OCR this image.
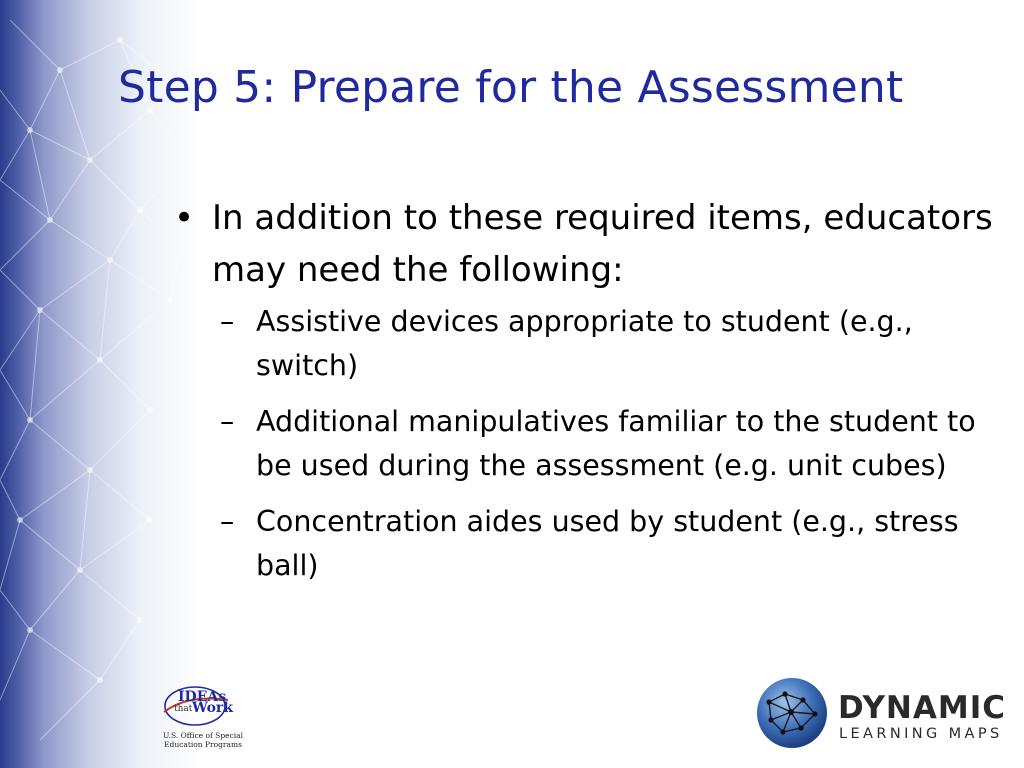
Step 5: Prepare for the Assessment
• In addition to these required items, educators may need the following:
– Assistive devices appropriate to student (e.g., switch)
– Additional manipulatives familiar to the student to be used during the assessment (e.g. unit cubes)
– Concentration aides used by student (e.g., stress ball)
IDEAs
that Work
U.S. Office of Special
Education Programs
DYNAMIC
LEARNING MAPS
